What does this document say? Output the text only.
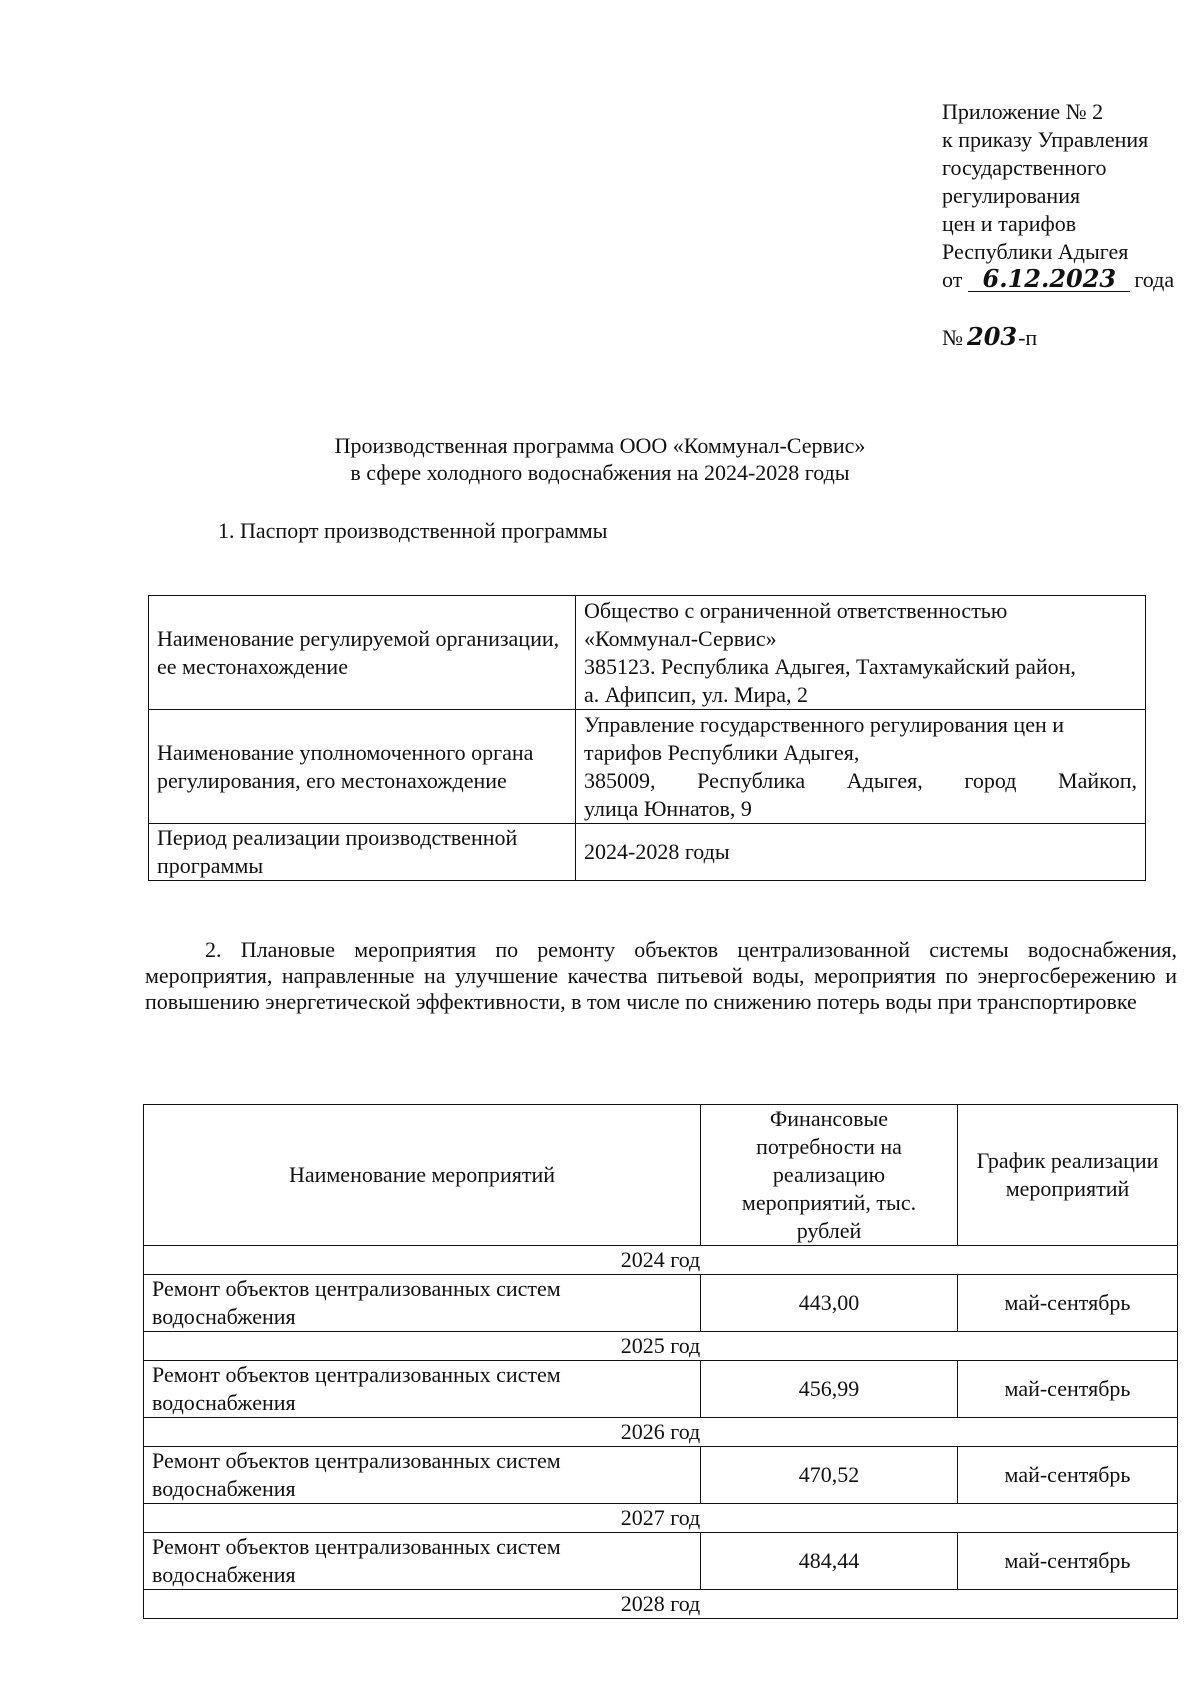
Приложение № 2
к приказу Управления
государственного
регулирования
цен и тарифов
Республики Адыгея
от 6.12.2023 года
№ 203-п
Производственная программа ООО «Коммунал-Сервис»
в сфере холодного водоснабжения на 2024-2028 годы
1. Паспорт производственной программы
Наименование регулируемой организации, ее местонахождение	Общество с ограниченной ответственностью
«Коммунал-Сервис»
385123. Республика Адыгея, Тахтамукайский район,
а. Афипсип, ул. Мира, 2

Наименование уполномоченного органа регулирования, его местонахождение	Управление государственного регулирования цен и
тарифов Республики Адыгея,
385009, Республика Адыгея, город Майкоп,
улица Юннатов, 9

Период реализации производственной программы	2024-2028 годы
2. Плановые мероприятия по ремонту объектов централизованной системы водоснабжения, мероприятия, направленные на улучшение качества питьевой воды, мероприятия по энергосбережению и повышению энергетической эффективности, в том числе по снижению потерь воды при транспортировке
Наименование мероприятий	Финансовые потребности на реализацию мероприятий, тыс. рублей	График реализации мероприятий
2024 год		
Ремонт объектов централизованных систем водоснабжения	443,00	май-сентябрь
2025 год		
Ремонт объектов централизованных систем водоснабжения	456,99	май-сентябрь
2026 год		
Ремонт объектов централизованных систем водоснабжения	470,52	май-сентябрь
2027 год		
Ремонт объектов централизованных систем водоснабжения	484,44	май-сентябрь
2028 год		
